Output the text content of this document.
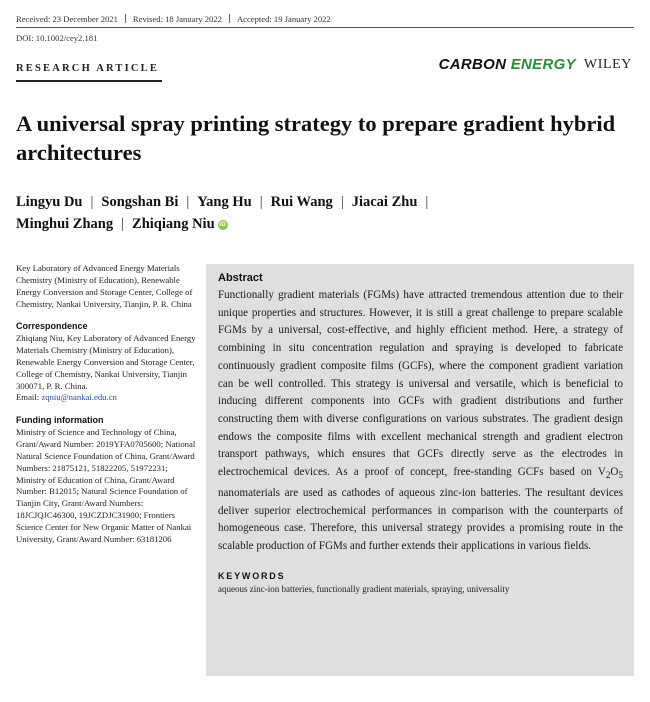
Received: 23 December 2021 Revised: 18 January 2022 Accepted: 19 January 2022
DOI: 10.1002/cey2.181
RESEARCH ARTICLE	CARBON ENERGY WILEY
A universal spray printing strategy to prepare gradient hybrid architectures
Lingyu Du | Songshan Bi | Yang Hu | Rui Wang | Jiacai Zhu |
Minghui Zhang | Zhiqiang Niu iD

Key Laboratory of Advanced Energy Materials Chemistry (Ministry of Education), Renewable Energy Conversion and Storage Center, College of Chemistry, Nankai University, Tianjin, P. R. China

Correspondence

Zhiqiang Niu, Key Laboratory of Advanced Energy Materials Chemistry (Ministry of Education), Renewable Energy Conversion and Storage Center, College of Chemistry, Nankai University, Tianjin 300071, P. R. China.
Email: zqniu@nankai.edu.cn

Funding information

Ministry of Science and Technology of China, Grant/Award Number: 2019YFA0705600; National Natural Science Foundation of China, Grant/Award Numbers: 21875121, 51822205, 51972231; Ministry of Education of China, Grant/Award Number: B12015; Natural Science Foundation of Tianjin City, Grant/Award Numbers: 18JCJQJC46300, 19JCZDJC31900; Frontiers Science Center for New Organic Matter of Nankai University, Grant/Award Number: 63181206

Abstract

Functionally gradient materials (FGMs) have attracted tremendous attention due to their unique properties and structures. However, it is still a great challenge to prepare scalable FGMs by a universal, cost-effective, and highly efficient method. Here, a strategy of combining in situ concentration regulation and spraying is developed to fabricate continuously gradient composite films (GCFs), where the component gradient variation can be well controlled. This strategy is universal and versatile, which is beneficial to inducing different components into GCFs with gradient distributions and further constructing them with diverse configurations on various substrates. The gradient design endows the composite films with excellent mechanical strength and gradient electron transport pathways, which ensures that GCFs directly serve as the electrodes in electrochemical devices. As a proof of concept, free-standing GCFs based on $V_2O_5$ nanomaterials are used as cathodes of aqueous zinc-ion batteries. The resultant devices deliver superior electrochemical performances in comparison with the counterparts of homogeneous case. Therefore, this universal strategy provides a promising route in the scalable production of FGMs and further extends their applications in various fields.

KEYWORDS

aqueous zinc-ion batteries, functionally gradient materials, spraying, universality
